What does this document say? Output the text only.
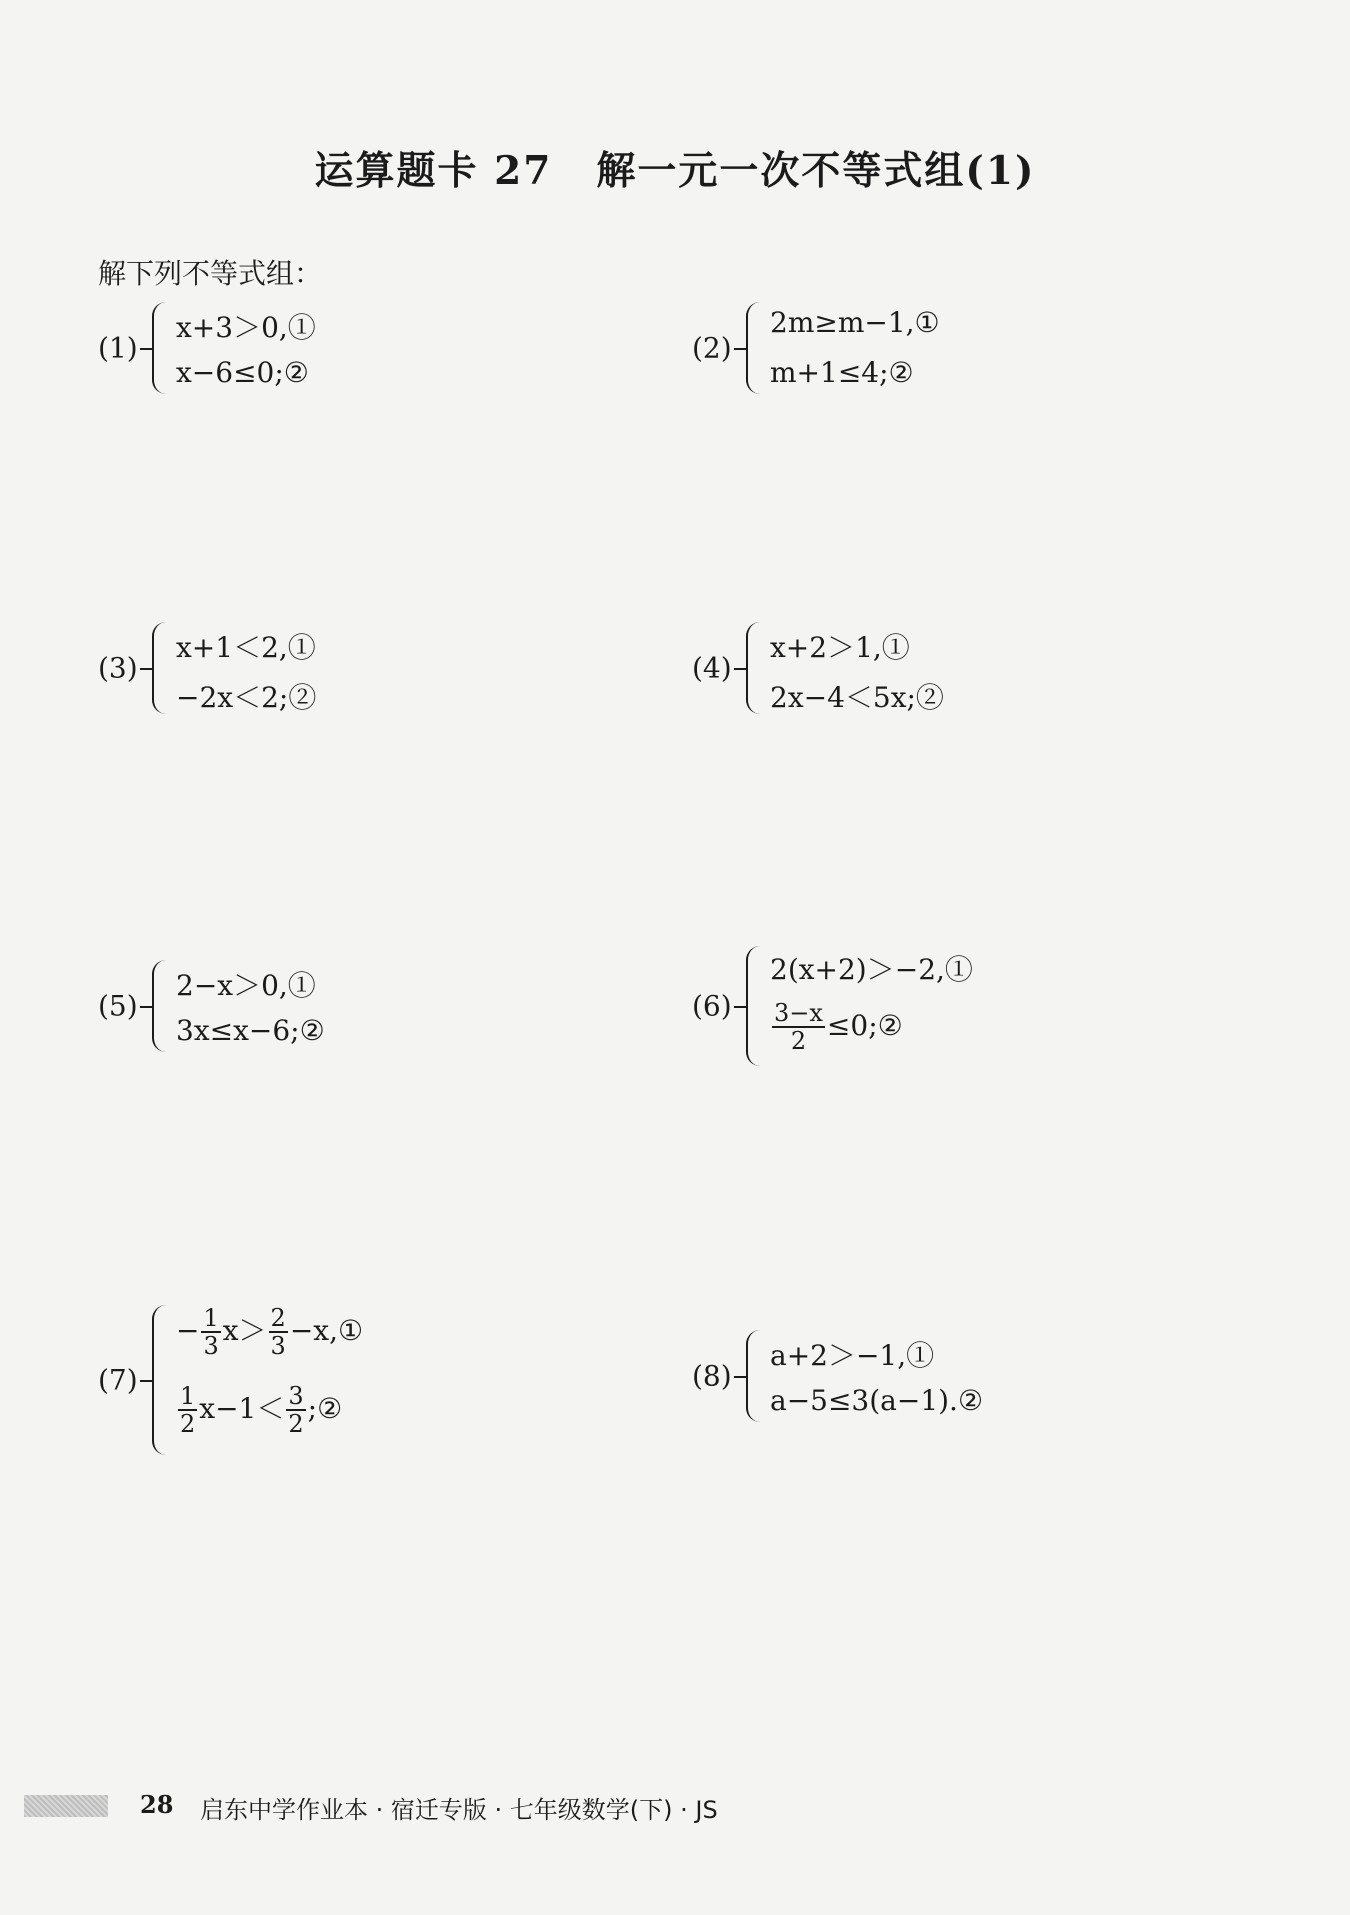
运算题卡 27 解一元一次不等式组(1)
解下列不等式组：
(1)
x+3＞0,①
x−6≤0;②
(2)
2m≥m−1,①
m+1≤4;②
(3)
x+1＜2,①
−2x＜2;②
(4)
x+2＞1,①
2x−4＜5x;②
(5)
2−x＞0,①
3x≤x−6;②
(6)
2(x+2)＞−2,①
$\frac{3-x}{2}$ ≤0;②
(7)
− $\frac{1}{3} x> \frac{2}{3}$ −x,①
$\frac{1}{2} x-1< \frac{3}{2}$ ;②
(8)
a+2＞−1,①
a−5≤3(a−1).②
28 启东中学作业本 · 宿迁专版 · 七年级数学(下) · JS
